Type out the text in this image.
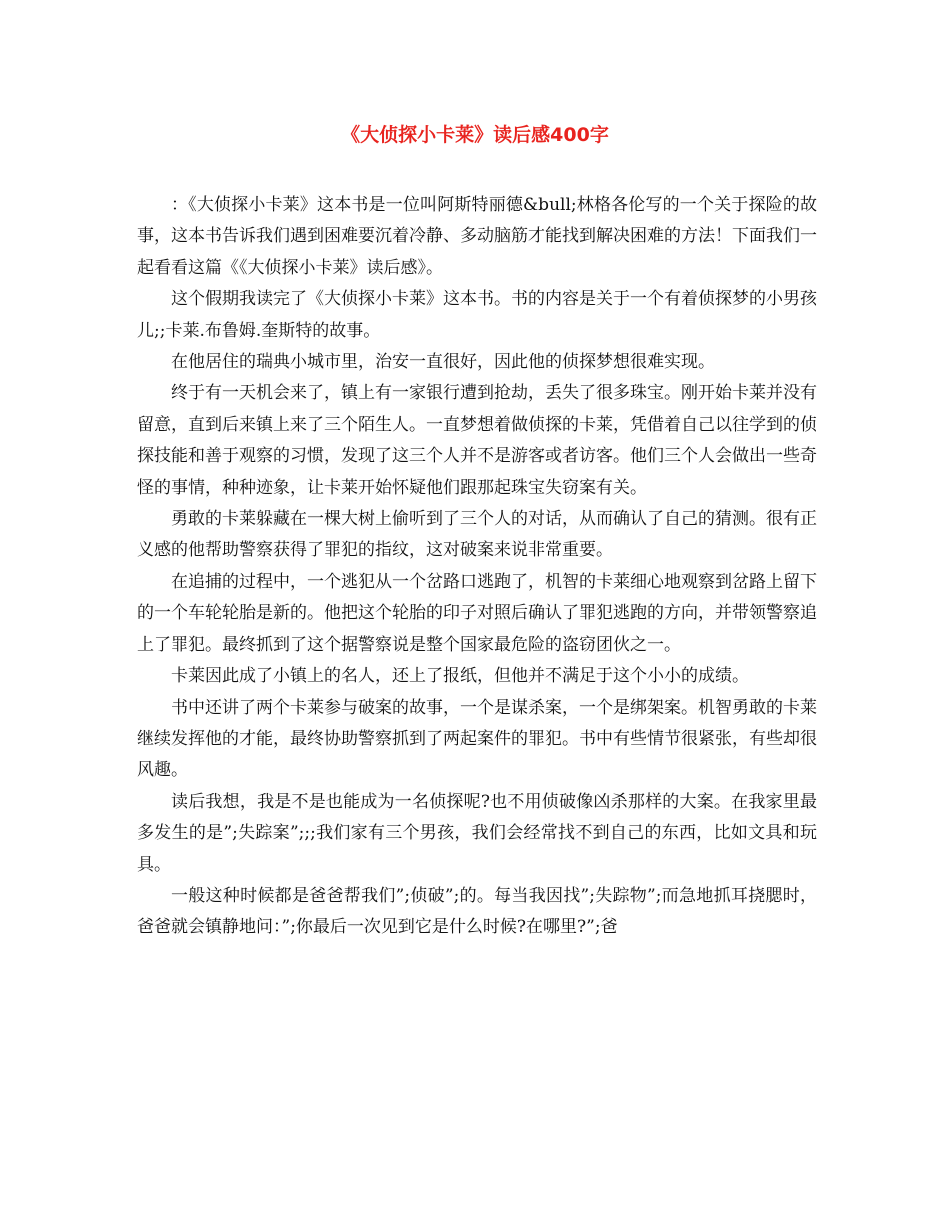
《大侦探小卡莱》读后感400字

：《大侦探小卡莱》这本书是一位叫阿斯特丽德&bull;林格各伦写的一个关于探险的故事，这本书告诉我们遇到困难要沉着冷静、多动脑筋才能找到解决困难的方法！下面我们一起看看这篇《《大侦探小卡莱》读后感》。

这个假期我读完了《大侦探小卡莱》这本书。书的内容是关于一个有着侦探梦的小男孩儿;;卡莱.布鲁姆.奎斯特的故事。

在他居住的瑞典小城市里，治安一直很好，因此他的侦探梦想很难实现。

终于有一天机会来了，镇上有一家银行遭到抢劫，丢失了很多珠宝。刚开始卡莱并没有留意，直到后来镇上来了三个陌生人。一直梦想着做侦探的卡莱，凭借着自己以往学到的侦探技能和善于观察的习惯，发现了这三个人并不是游客或者访客。他们三个人会做出一些奇怪的事情，种种迹象，让卡莱开始怀疑他们跟那起珠宝失窃案有关。

勇敢的卡莱躲藏在一棵大树上偷听到了三个人的对话，从而确认了自己的猜测。很有正义感的他帮助警察获得了罪犯的指纹，这对破案来说非常重要。

在追捕的过程中，一个逃犯从一个岔路口逃跑了，机智的卡莱细心地观察到岔路上留下的一个车轮轮胎是新的。他把这个轮胎的印子对照后确认了罪犯逃跑的方向，并带领警察追上了罪犯。最终抓到了这个据警察说是整个国家最危险的盗窃团伙之一。

卡莱因此成了小镇上的名人，还上了报纸，但他并不满足于这个小小的成绩。

书中还讲了两个卡莱参与破案的故事，一个是谋杀案，一个是绑架案。机智勇敢的卡莱继续发挥他的才能，最终协助警察抓到了两起案件的罪犯。书中有些情节很紧张，有些却很风趣。

读后我想，我是不是也能成为一名侦探呢?也不用侦破像凶杀那样的大案。在我家里最多发生的是”;失踪案”;;;我们家有三个男孩，我们会经常找不到自己的东西，比如文具和玩具。

一般这种时候都是爸爸帮我们”;侦破”;的。每当我因找”;失踪物”;而急地抓耳挠腮时，爸爸就会镇静地问：”;你最后一次见到它是什么时候?在哪里?”;爸
